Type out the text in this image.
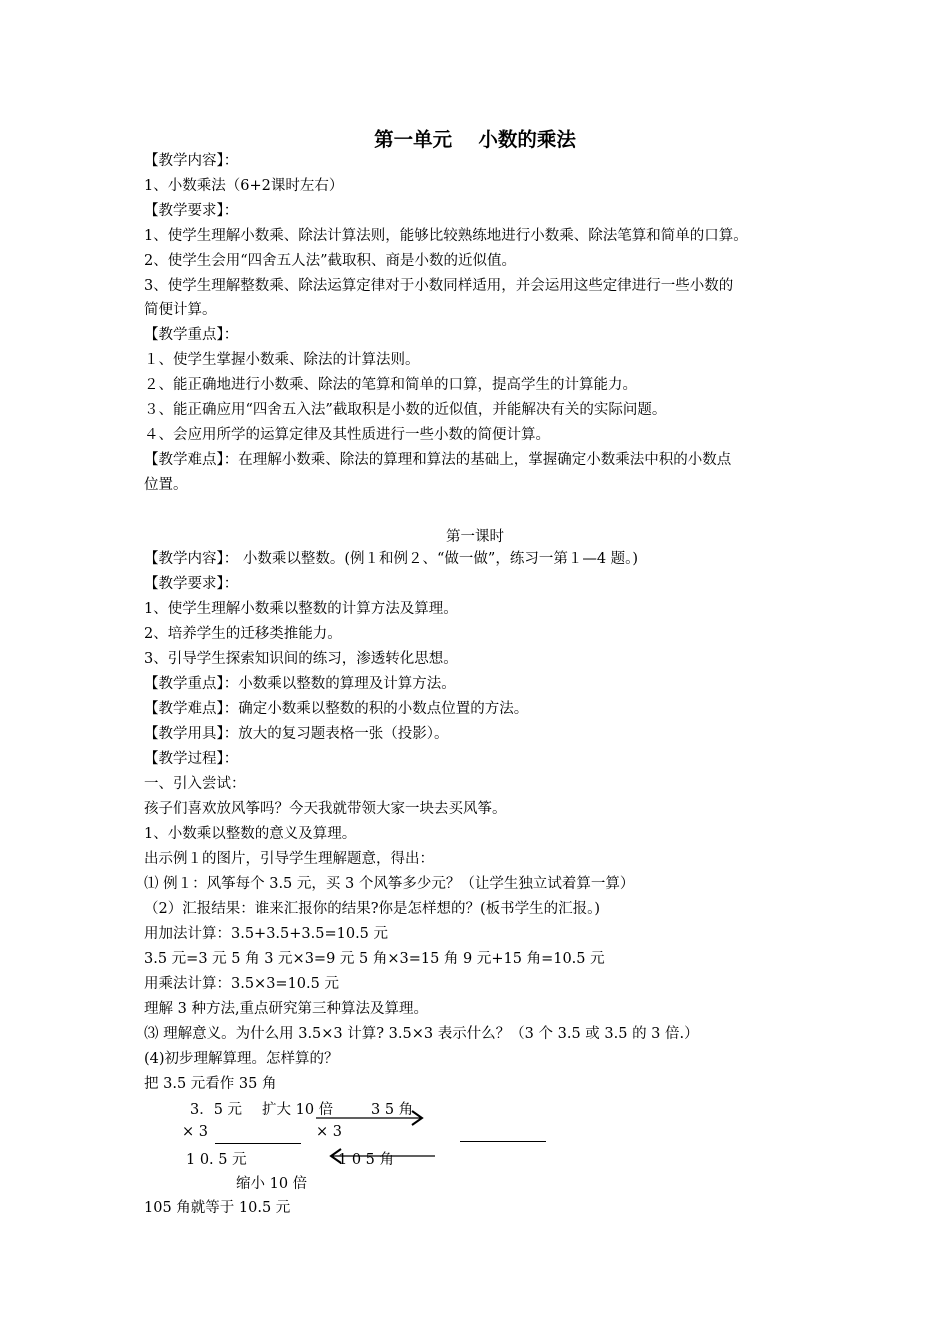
第一单元　 小数的乘法
【教学内容】：
1、小数乘法（6+2课时左右）
【教学要求】：
1、使学生理解小数乘、除法计算法则，能够比较熟练地进行小数乘、除法笔算和简单的口算。
2、使学生会用“四舍五人法”截取积、商是小数的近似值。
3、使学生理解整数乘、除法运算定律对于小数同样适用，并会运用这些定律进行一些小数的
简便计算。
【教学重点】：
１、使学生掌握小数乘、除法的计算法则。
２、能正确地进行小数乘、除法的笔算和简单的口算，提高学生的计算能力。
３、能正确应用“四舍五入法”截取积是小数的近似值，并能解决有关的实际问题。
４、会应用所学的运算定律及其性质进行一些小数的简便计算。
【教学难点】：在理解小数乘、除法的算理和算法的基础上，掌握确定小数乘法中积的小数点
位置。
第一课时
【教学内容】： 小数乘以整数。(例１和例２、“做一做”，练习一第１—4 题。)
【教学要求】：
1、使学生理解小数乘以整数的计算方法及算理。
2、培养学生的迁移类推能力。
3、引导学生探索知识间的练习，渗透转化思想。
【教学重点】：小数乘以整数的算理及计算方法。
【教学难点】：确定小数乘以整数的积的小数点位置的方法。
【教学用具】：放大的复习题表格一张（投影）。
【教学过程】：
一、引入尝试：
孩子们喜欢放风筝吗？今天我就带领大家一块去买风筝。
1、小数乘以整数的意义及算理。
出示例１的图片，引导学生理解题意，得出：
⑴ 例１：风筝每个 3.5 元，买 3 个风筝多少元？（让学生独立试着算一算）
（2）汇报结果：谁来汇报你的结果?你是怎样想的？(板书学生的汇报。)
用加法计算：3.5+3.5+3.5=10.5 元
3.5 元=3 元 5 角 3 元×3=9 元 5 角×3=15 角 9 元+15 角=10.5 元
用乘法计算：3.5×3=10.5 元
理解 3 种方法,重点研究第三种算法及算理。
⑶ 理解意义。为什么用 3.5×3 计算? 3.5×3 表示什么？（3 个 3.5 或 3.5 的 3 倍.）
(4)初步理解算理。怎样算的？
把 3.5 元看作 35 角
3．5 元 扩大 10 倍	3 5 角
× 3	× 3
1 0. 5 元	1 0 5 角
缩小 10 倍
105 角就等于 10.5 元
